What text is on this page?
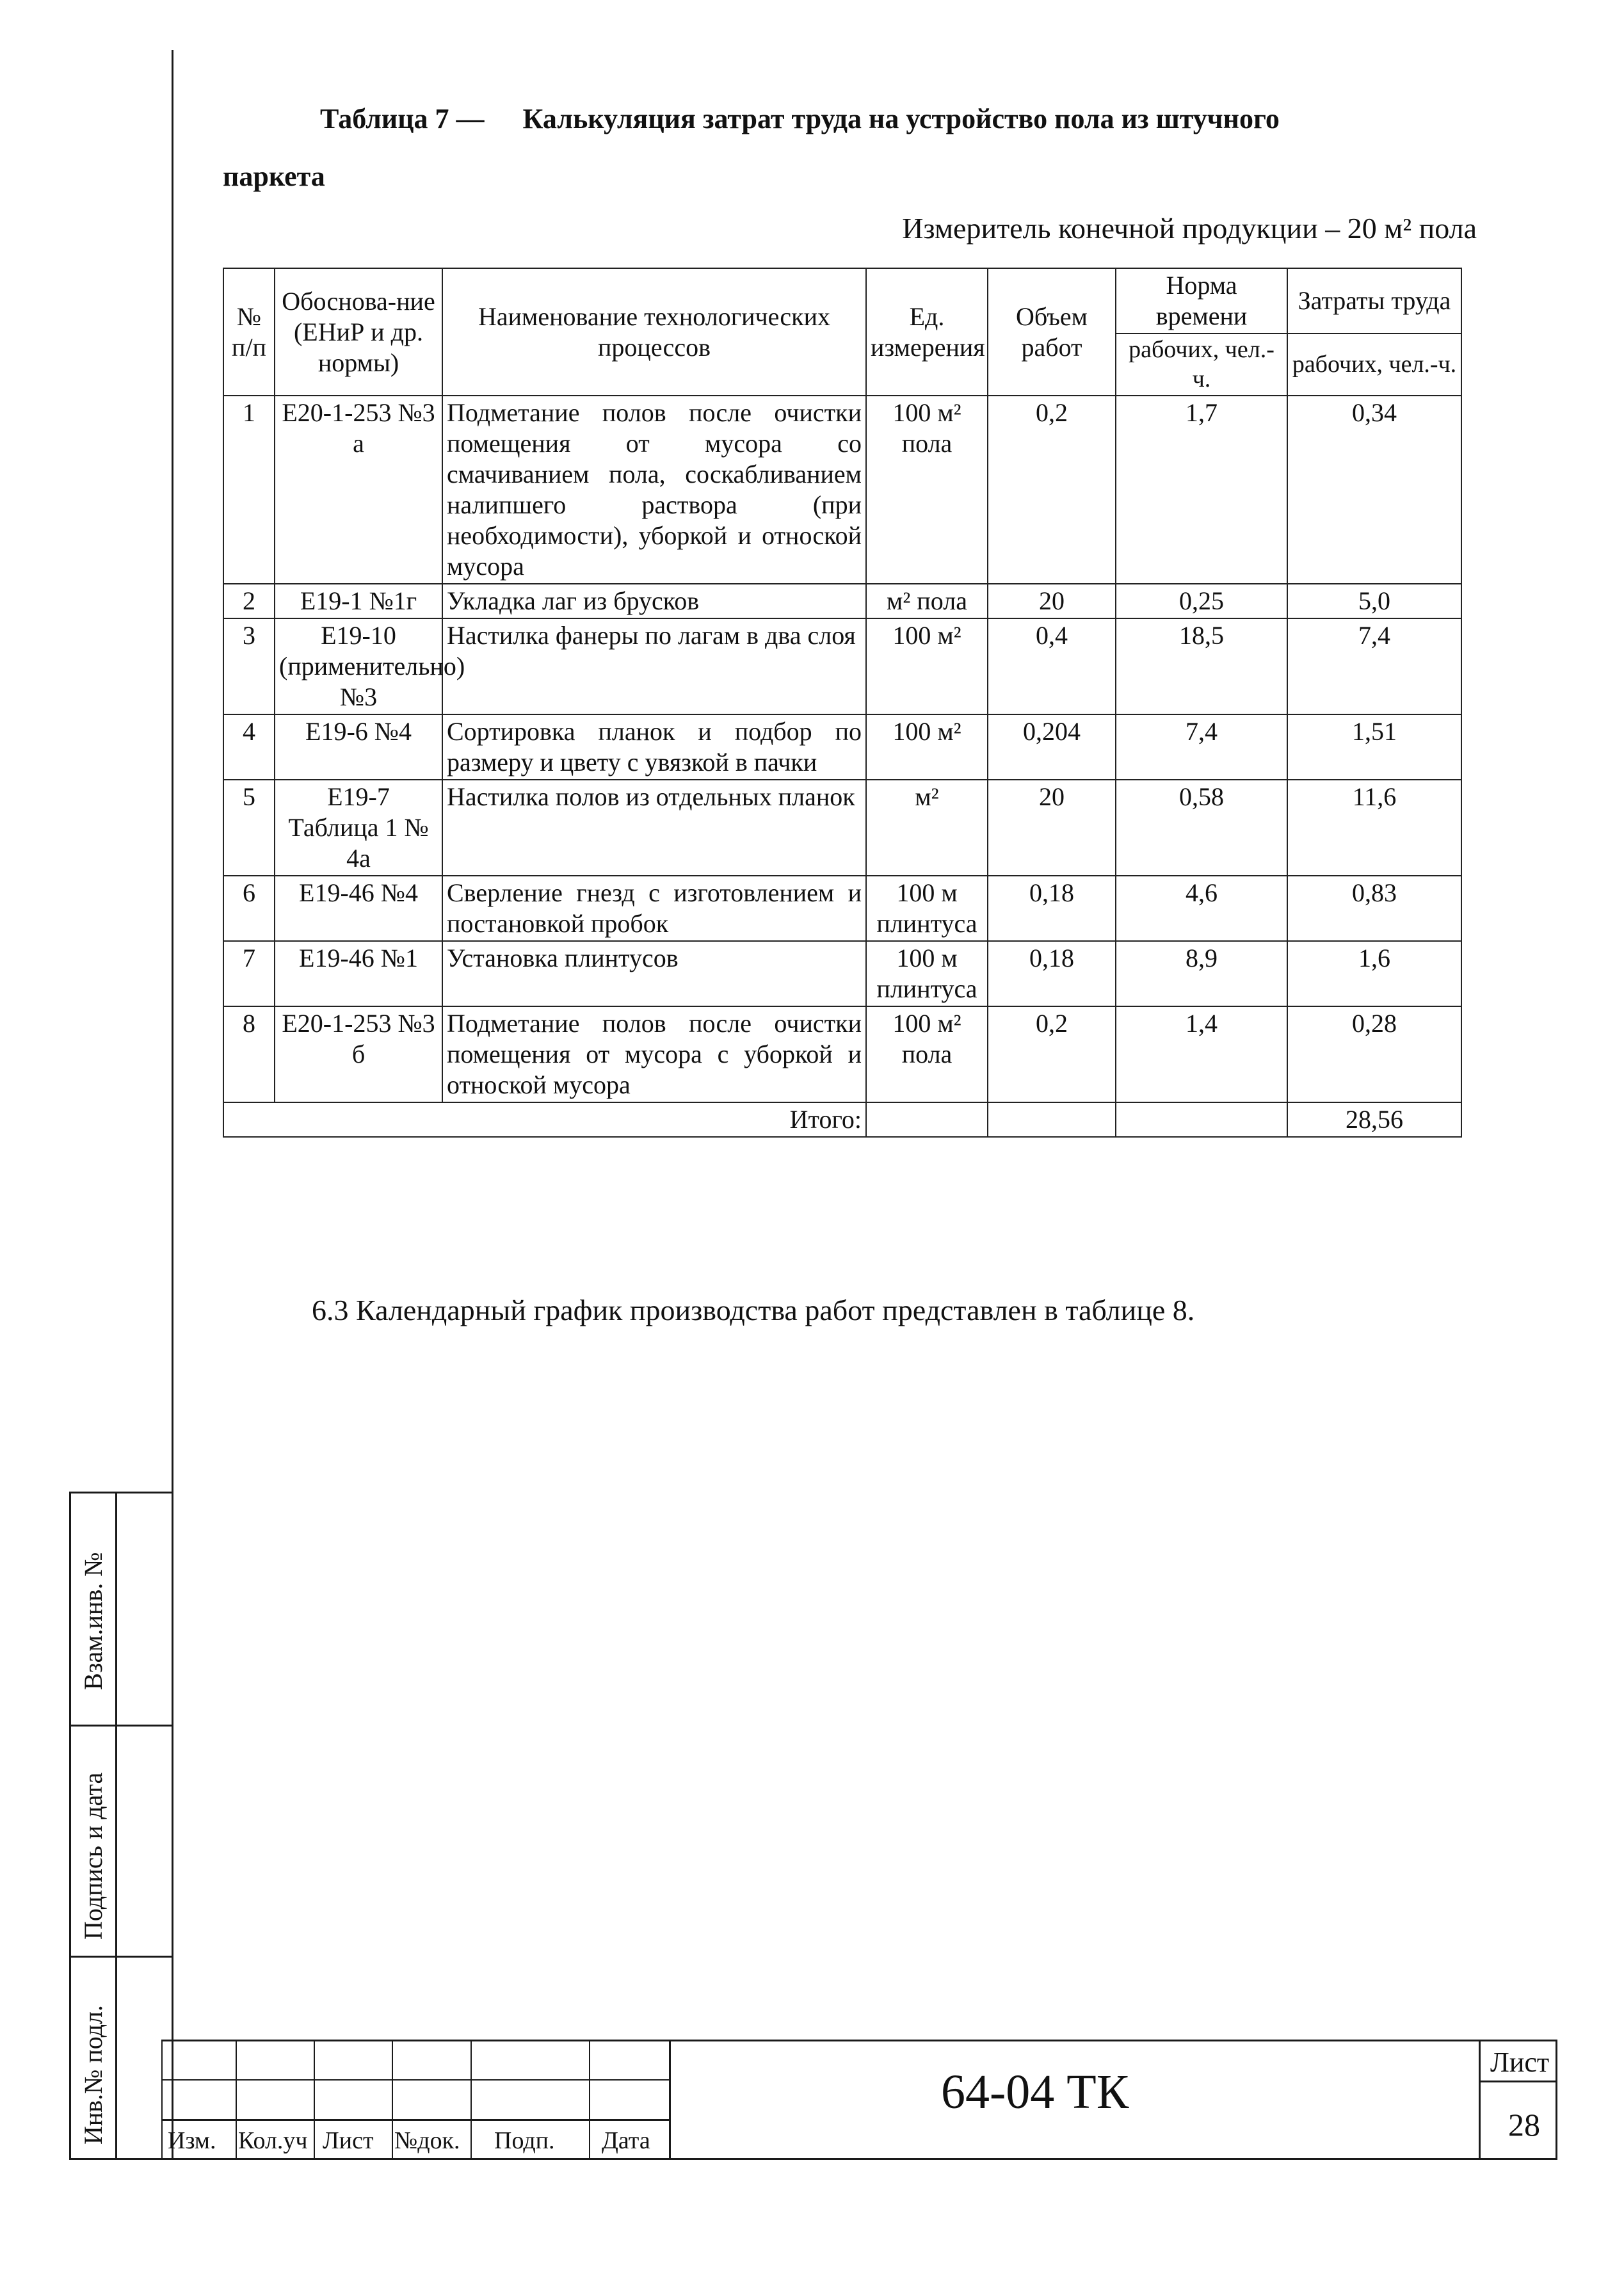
Взам.инв. №
Подпись и дата
Инв.№ подл.
Таблица 7 — Калькуляция затрат труда на устройство пола из штучного
паркета
Измеритель конечной продукции – 20 м² пола
№ п/п	Обоснова-ние (ЕНиР и др. нормы)	Наименование технологических процессов	Ед. измерения	Объем работ	Норма времени	Затраты труда
					рабочих, чел.-ч.	рабочих, чел.-ч.
1	Е20-1-253 №3 а	Подметание полов после очистки помещения от мусора со смачиванием пола, соскабливанием налипшего раствора (при необходимости), уборкой и отноской мусора	100 м² пола	0,2	1,7	0,34
2	Е19-1 №1г	Укладка лаг из брусков	м² пола	20	0,25	5,0
3	Е19-10 (применительно) №3	Настилка фанеры по лагам в два слоя	100 м²	0,4	18,5	7,4
4	Е19-6 №4	Сортировка планок и подбор по размеру и цвету с увязкой в пачки	100 м²	0,204	7,4	1,51
5	Е19-7 Таблица 1 № 4а	Настилка полов из отдельных планок	м²	20	0,58	11,6
6	Е19-46 №4	Сверление гнезд с изготовлением и постановкой пробок	100 м плинтуса	0,18	4,6	0,83
7	Е19-46 №1	Установка плинтусов	100 м плинтуса	0,18	8,9	1,6
8	Е20-1-253 №3 б	Подметание полов после очистки помещения от мусора с уборкой и отноской мусора	100 м² пола	0,2	1,4	0,28
Итого:						28,56
6.3 Календарный график производства работ представлен в таблице 8.
Изм. Кол.уч Лист №док. Подп. Дата
64-04 ТК
Лист
28
